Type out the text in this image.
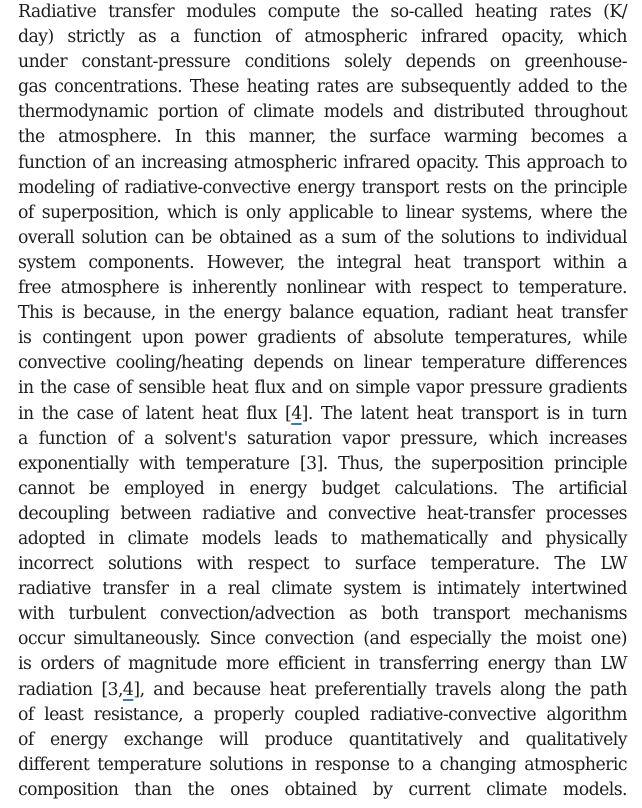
Radiative transfer modules compute the so-called heating rates (K/
day) strictly as a function of atmospheric infrared opacity, which
under constant-pressure conditions solely depends on greenhouse-
gas concentrations. These heating rates are subsequently added to the
thermodynamic portion of climate models and distributed throughout
the atmosphere. In this manner, the surface warming becomes a
function of an increasing atmospheric infrared opacity. This approach to
modeling of radiative-convective energy transport rests on the principle
of superposition, which is only applicable to linear systems, where the
overall solution can be obtained as a sum of the solutions to individual
system components. However, the integral heat transport within a
free atmosphere is inherently nonlinear with respect to temperature.
This is because, in the energy balance equation, radiant heat transfer
is contingent upon power gradients of absolute temperatures, while
convective cooling/heating depends on linear temperature differences
in the case of sensible heat flux and on simple vapor pressure gradients
in the case of latent heat flux [4]. The latent heat transport is in turn
a function of a solvent's saturation vapor pressure, which increases
exponentially with temperature [3]. Thus, the superposition principle
cannot be employed in energy budget calculations. The artificial
decoupling between radiative and convective heat-transfer processes
adopted in climate models leads to mathematically and physically
incorrect solutions with respect to surface temperature. The LW
radiative transfer in a real climate system is intimately intertwined
with turbulent convection/advection as both transport mechanisms
occur simultaneously. Since convection (and especially the moist one)
is orders of magnitude more efficient in transferring energy than LW
radiation [3,4], and because heat preferentially travels along the path
of least resistance, a properly coupled radiative-convective algorithm
of energy exchange will produce quantitatively and qualitatively
different temperature solutions in response to a changing atmospheric
composition than the ones obtained by current climate models.
